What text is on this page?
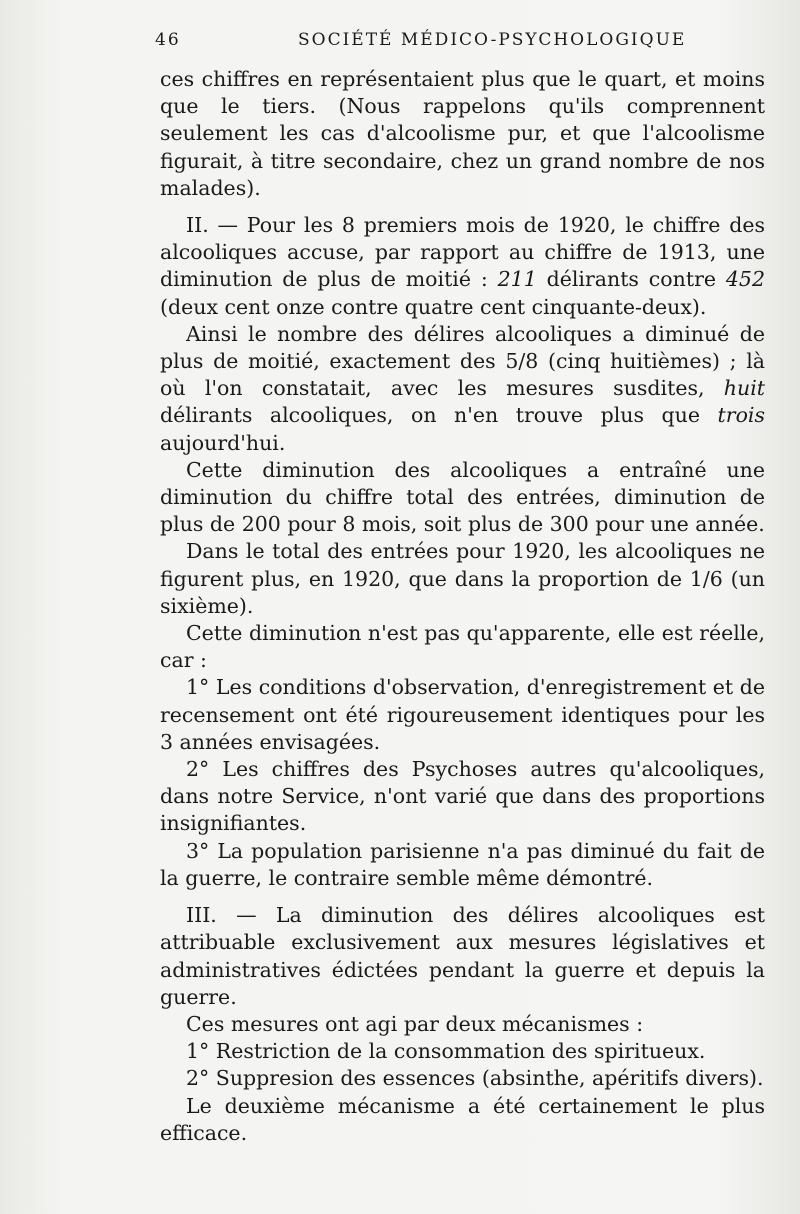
46	SOCIÉTÉ MÉDICO-PSYCHOLOGIQUE

ces chiffres en représentaient plus que le quart, et moins que le tiers. (Nous rappelons qu'ils comprennent seulement les cas d'alcoolisme pur, et que l'alcoolisme figurait, à titre secondaire, chez un grand nombre de nos malades).

II. — Pour les 8 premiers mois de 1920, le chiffre des alcooliques accuse, par rapport au chiffre de 1913, une diminution de plus de moitié : 211 délirants contre 452 (deux cent onze contre quatre cent cinquante-deux).

Ainsi le nombre des délires alcooliques a diminué de plus de moitié, exactement des 5/8 (cinq huitièmes) ; là où l'on constatait, avec les mesures susdites, huit délirants alcooliques, on n'en trouve plus que trois aujourd'hui.

Cette diminution des alcooliques a entraîné une diminution du chiffre total des entrées, diminution de plus de 200 pour 8 mois, soit plus de 300 pour une année.

Dans le total des entrées pour 1920, les alcooliques ne figurent plus, en 1920, que dans la proportion de 1/6 (un sixième).

Cette diminution n'est pas qu'apparente, elle est réelle, car :

1° Les conditions d'observation, d'enregistrement et de recensement ont été rigoureusement identiques pour les 3 années envisagées.

2° Les chiffres des Psychoses autres qu'alcooliques, dans notre Service, n'ont varié que dans des proportions insignifiantes.

3° La population parisienne n'a pas diminué du fait de la guerre, le contraire semble même démontré.

III. — La diminution des délires alcooliques est attribuable exclusivement aux mesures législatives et administratives édictées pendant la guerre et depuis la guerre.

Ces mesures ont agi par deux mécanismes :

1° Restriction de la consommation des spiritueux.

2° Suppresion des essences (absinthe, apéritifs divers).

Le deuxième mécanisme a été certainement le plus efficace.
